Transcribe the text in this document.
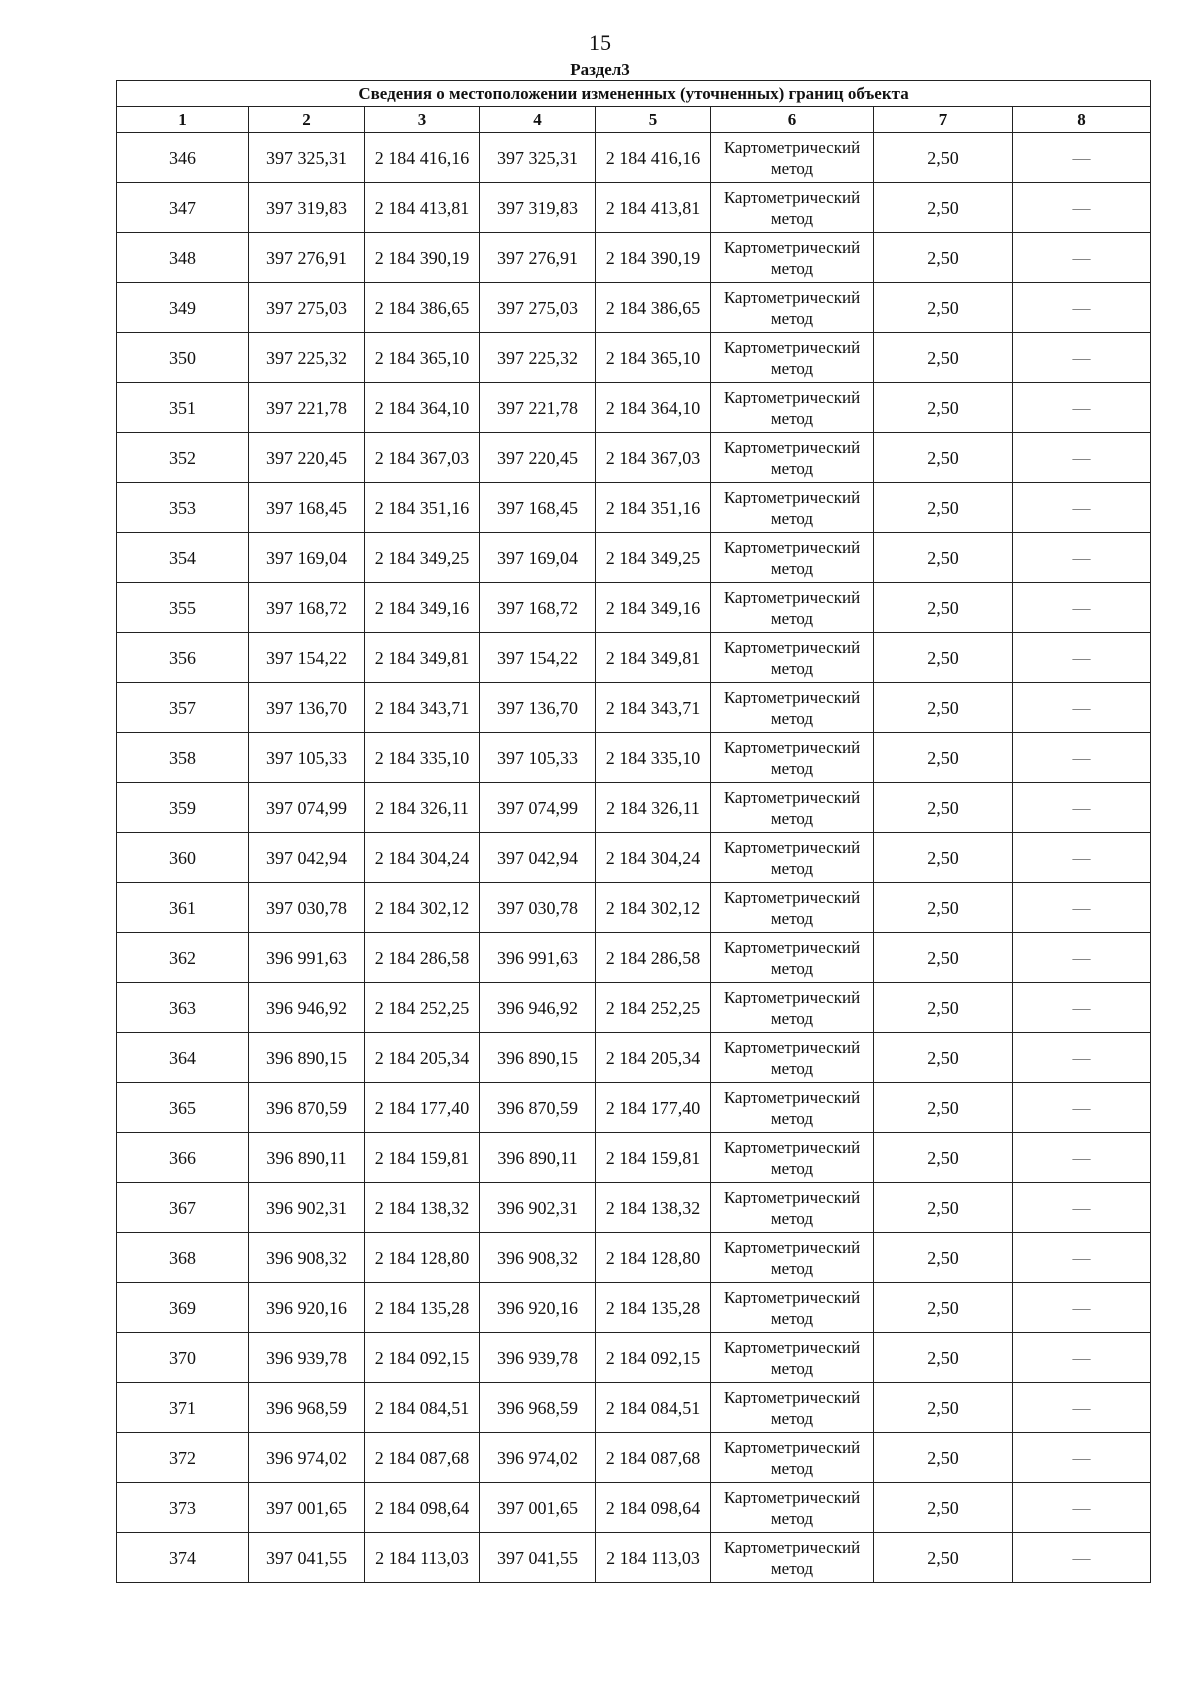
15
Раздел3
Сведения о местоположении измененных (уточненных) границ объекта							
1	2	3	4	5	6	7	8
346	397 325,31	2 184 416,16	397 325,31	2 184 416,16	Картометрический метод	2,50	—
347	397 319,83	2 184 413,81	397 319,83	2 184 413,81	Картометрический метод	2,50	—
348	397 276,91	2 184 390,19	397 276,91	2 184 390,19	Картометрический метод	2,50	—
349	397 275,03	2 184 386,65	397 275,03	2 184 386,65	Картометрический метод	2,50	—
350	397 225,32	2 184 365,10	397 225,32	2 184 365,10	Картометрический метод	2,50	—
351	397 221,78	2 184 364,10	397 221,78	2 184 364,10	Картометрический метод	2,50	—
352	397 220,45	2 184 367,03	397 220,45	2 184 367,03	Картометрический метод	2,50	—
353	397 168,45	2 184 351,16	397 168,45	2 184 351,16	Картометрический метод	2,50	—
354	397 169,04	2 184 349,25	397 169,04	2 184 349,25	Картометрический метод	2,50	—
355	397 168,72	2 184 349,16	397 168,72	2 184 349,16	Картометрический метод	2,50	—
356	397 154,22	2 184 349,81	397 154,22	2 184 349,81	Картометрический метод	2,50	—
357	397 136,70	2 184 343,71	397 136,70	2 184 343,71	Картометрический метод	2,50	—
358	397 105,33	2 184 335,10	397 105,33	2 184 335,10	Картометрический метод	2,50	—
359	397 074,99	2 184 326,11	397 074,99	2 184 326,11	Картометрический метод	2,50	—
360	397 042,94	2 184 304,24	397 042,94	2 184 304,24	Картометрический метод	2,50	—
361	397 030,78	2 184 302,12	397 030,78	2 184 302,12	Картометрический метод	2,50	—
362	396 991,63	2 184 286,58	396 991,63	2 184 286,58	Картометрический метод	2,50	—
363	396 946,92	2 184 252,25	396 946,92	2 184 252,25	Картометрический метод	2,50	—
364	396 890,15	2 184 205,34	396 890,15	2 184 205,34	Картометрический метод	2,50	—
365	396 870,59	2 184 177,40	396 870,59	2 184 177,40	Картометрический метод	2,50	—
366	396 890,11	2 184 159,81	396 890,11	2 184 159,81	Картометрический метод	2,50	—
367	396 902,31	2 184 138,32	396 902,31	2 184 138,32	Картометрический метод	2,50	—
368	396 908,32	2 184 128,80	396 908,32	2 184 128,80	Картометрический метод	2,50	—
369	396 920,16	2 184 135,28	396 920,16	2 184 135,28	Картометрический метод	2,50	—
370	396 939,78	2 184 092,15	396 939,78	2 184 092,15	Картометрический метод	2,50	—
371	396 968,59	2 184 084,51	396 968,59	2 184 084,51	Картометрический метод	2,50	—
372	396 974,02	2 184 087,68	396 974,02	2 184 087,68	Картометрический метод	2,50	—
373	397 001,65	2 184 098,64	397 001,65	2 184 098,64	Картометрический метод	2,50	—
374	397 041,55	2 184 113,03	397 041,55	2 184 113,03	Картометрический метод	2,50	—
